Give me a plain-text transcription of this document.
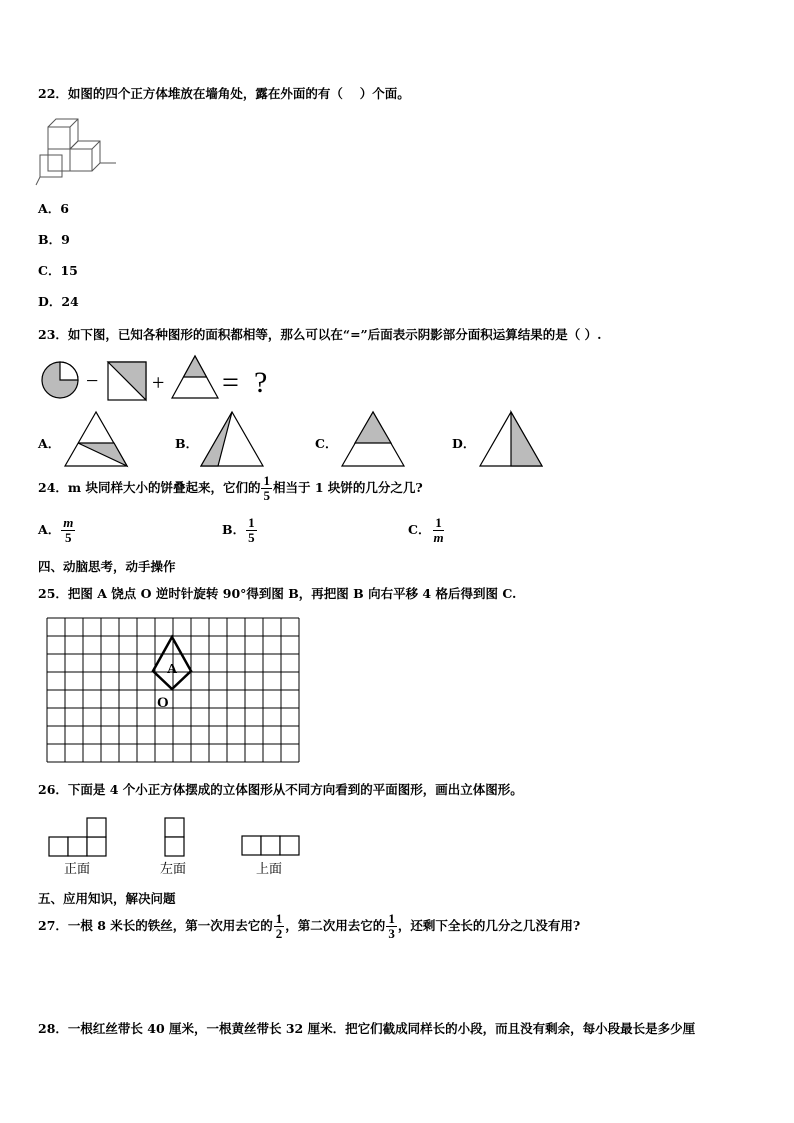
22．如图的四个正方体堆放在墙角处，露在外面的有（　 ）个面。
A．6
B．9
C．15
D．24
23．如下图，已知各种图形的面积都相等，那么可以在“=”后面表示阴影部分面积运算结果的是（ ）.
− + = ?
A．	B．	C．	D．
24．m 块同样大小的饼叠起来，它们的 $\frac{1}{5}$ 相当于 1 块饼的几分之几?
A． $\frac{m}{5}$	B． $\frac{1}{5}$	C． $\frac{1}{m}$
四、动脑思考，动手操作
25．把图 A 饶点 O 逆时针旋转 90°得到图 B，再把图 B 向右平移 4 格后得到图 C.
A
O
26．下面是 4 个小正方体摆成的立体图形从不同方向看到的平面图形，画出立体图形。
正面	左面	上面
五、应用知识，解决问题
27．一根 8 米长的铁丝，第一次用去它的 $\frac{1}{2}$ ，第二次用去它的 $\frac{1}{3}$ ，还剩下全长的几分之几没有用?
28．一根红丝带长 40 厘米，一根黄丝带长 32 厘米．把它们截成同样长的小段，而且没有剩余，每小段最长是多少厘
